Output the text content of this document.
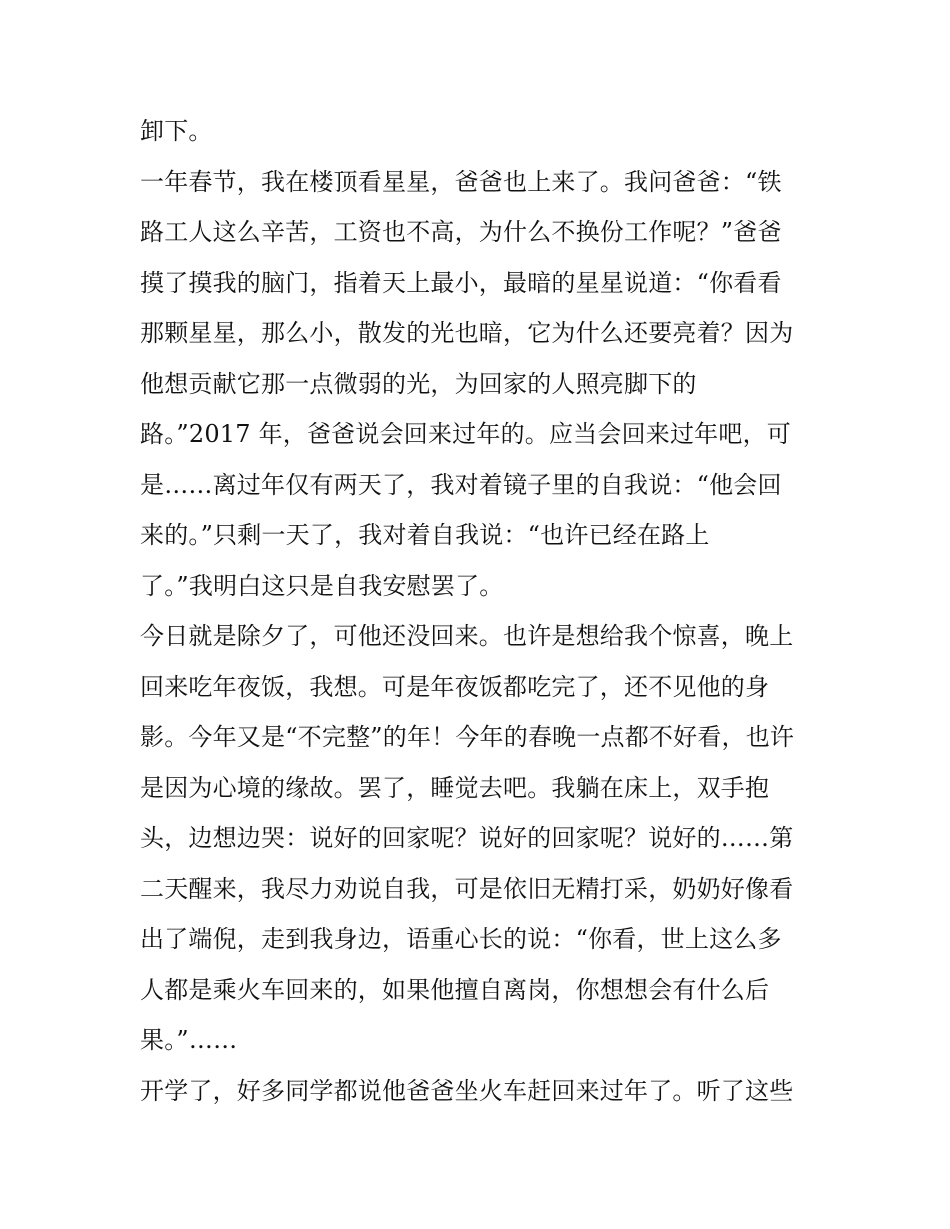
卸下。
一年春节，我在楼顶看星星，爸爸也上来了。我问爸爸：“铁
路工人这么辛苦，工资也不高，为什么不换份工作呢？”爸爸
摸了摸我的脑门，指着天上最小，最暗的星星说道：“你看看
那颗星星，那么小，散发的光也暗，它为什么还要亮着？因为
他想贡献它那一点微弱的光，为回家的人照亮脚下的
路。”2017 年，爸爸说会回来过年的。应当会回来过年吧，可
是……离过年仅有两天了，我对着镜子里的自我说：“他会回
来的。”只剩一天了，我对着自我说：“也许已经在路上
了。”我明白这只是自我安慰罢了。
今日就是除夕了，可他还没回来。也许是想给我个惊喜，晚上
回来吃年夜饭，我想。可是年夜饭都吃完了，还不见他的身
影。今年又是“不完整”的年！今年的春晚一点都不好看，也许
是因为心境的缘故。罢了，睡觉去吧。我躺在床上，双手抱
头，边想边哭：说好的回家呢？说好的回家呢？说好的……第
二天醒来，我尽力劝说自我，可是依旧无精打采，奶奶好像看
出了端倪，走到我身边，语重心长的说：“你看，世上这么多
人都是乘火车回来的，如果他擅自离岗，你想想会有什么后
果。”……
开学了，好多同学都说他爸爸坐火车赶回来过年了。听了这些
